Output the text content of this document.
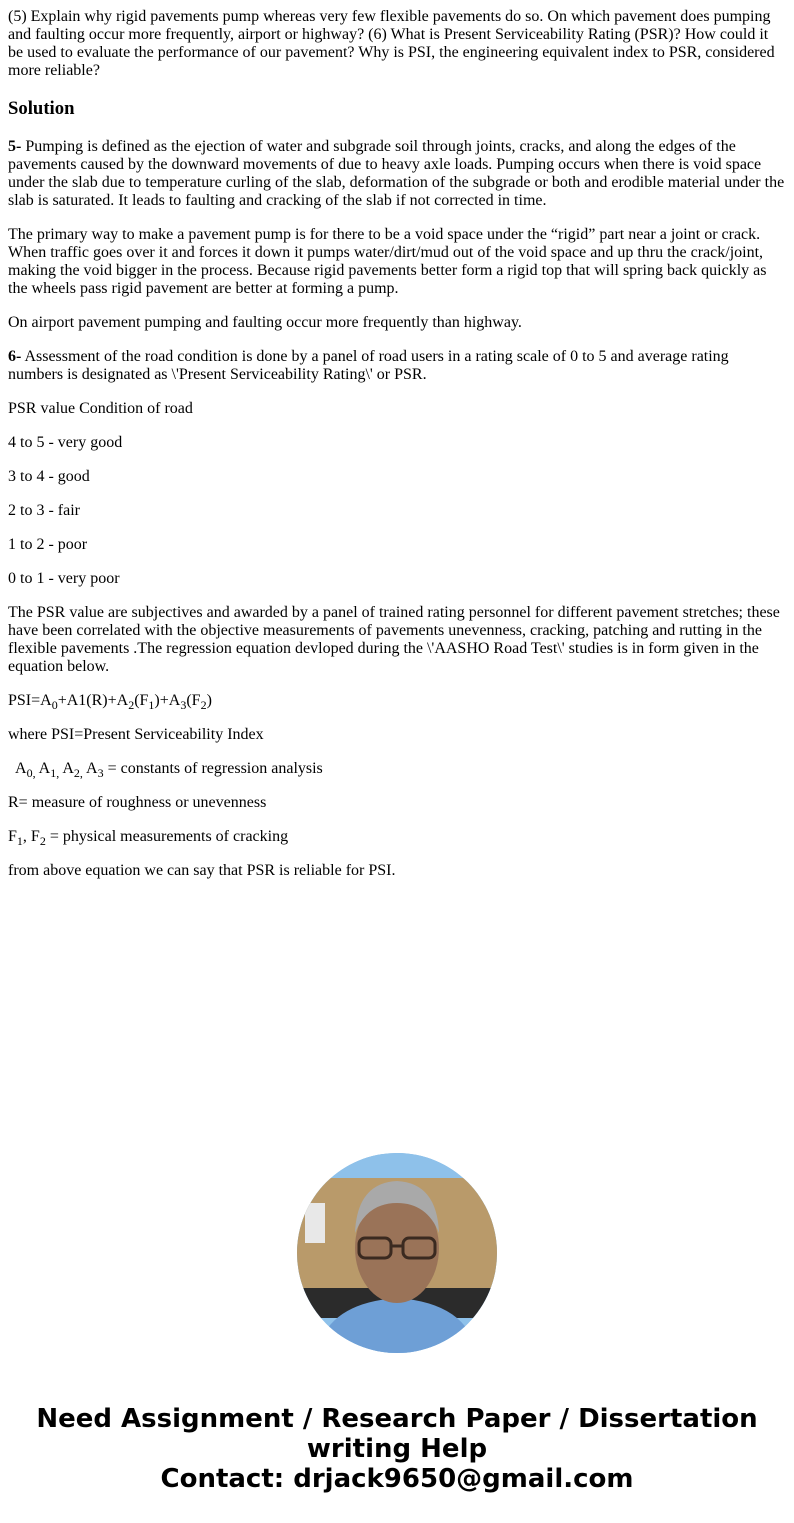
(5) Explain why rigid pavements pump whereas very few flexible pavements do so. On which pavement does pumping and faulting occur more frequently, airport or highway? (6) What is Present Serviceability Rating (PSR)? How could it be used to evaluate the performance of our pavement? Why is PSI, the engineering equivalent index to PSR, considered more reliable?

Solution

5- Pumping is defined as the ejection of water and subgrade soil through joints, cracks, and along the edges of the pavements caused by the downward movements of due to heavy axle loads. Pumping occurs when there is void space under the slab due to temperature curling of the slab, deformation of the subgrade or both and erodible material under the slab is saturated. It leads to faulting and cracking of the slab if not corrected in time.

The primary way to make a pavement pump is for there to be a void space under the “rigid” part near a joint or crack. When traffic goes over it and forces it down it pumps water/dirt/mud out of the void space and up thru the crack/joint, making the void bigger in the process. Because rigid pavements better form a rigid top that will spring back quickly as the wheels pass rigid pavement are better at forming a pump.

On airport pavement pumping and faulting occur more frequently than highway.

6- Assessment of the road condition is done by a panel of road users in a rating scale of 0 to 5 and average rating numbers is designated as \'Present Serviceability Rating\' or PSR.

PSR value Condition of road

4 to 5 - very good

3 to 4 - good

2 to 3 - fair

1 to 2 - poor

0 to 1 - very poor

The PSR value are subjectives and awarded by a panel of trained rating personnel for different pavement stretches; these have been correlated with the objective measurements of pavements unevenness, cracking, patching and rutting in the flexible pavements .The regression equation devloped during the \'AASHO Road Test\' studies is in form given in the equation below.

$PSI=A_0+A1(R)+A_2(F_1)+A_3(F_2)$

where PSI=Present Serviceability Index

$A_{0,}$ $A_{1,}$ $A_{2,}$ $A_3$ = constants of regression analysis

R= measure of roughness or unevenness

$F_1$, $F_2$ = physical measurements of cracking

from above equation we can say that PSR is reliable for PSI.

Need Assignment / Research Paper / Dissertation
writing Help
Contact: drjack9650@gmail.com
